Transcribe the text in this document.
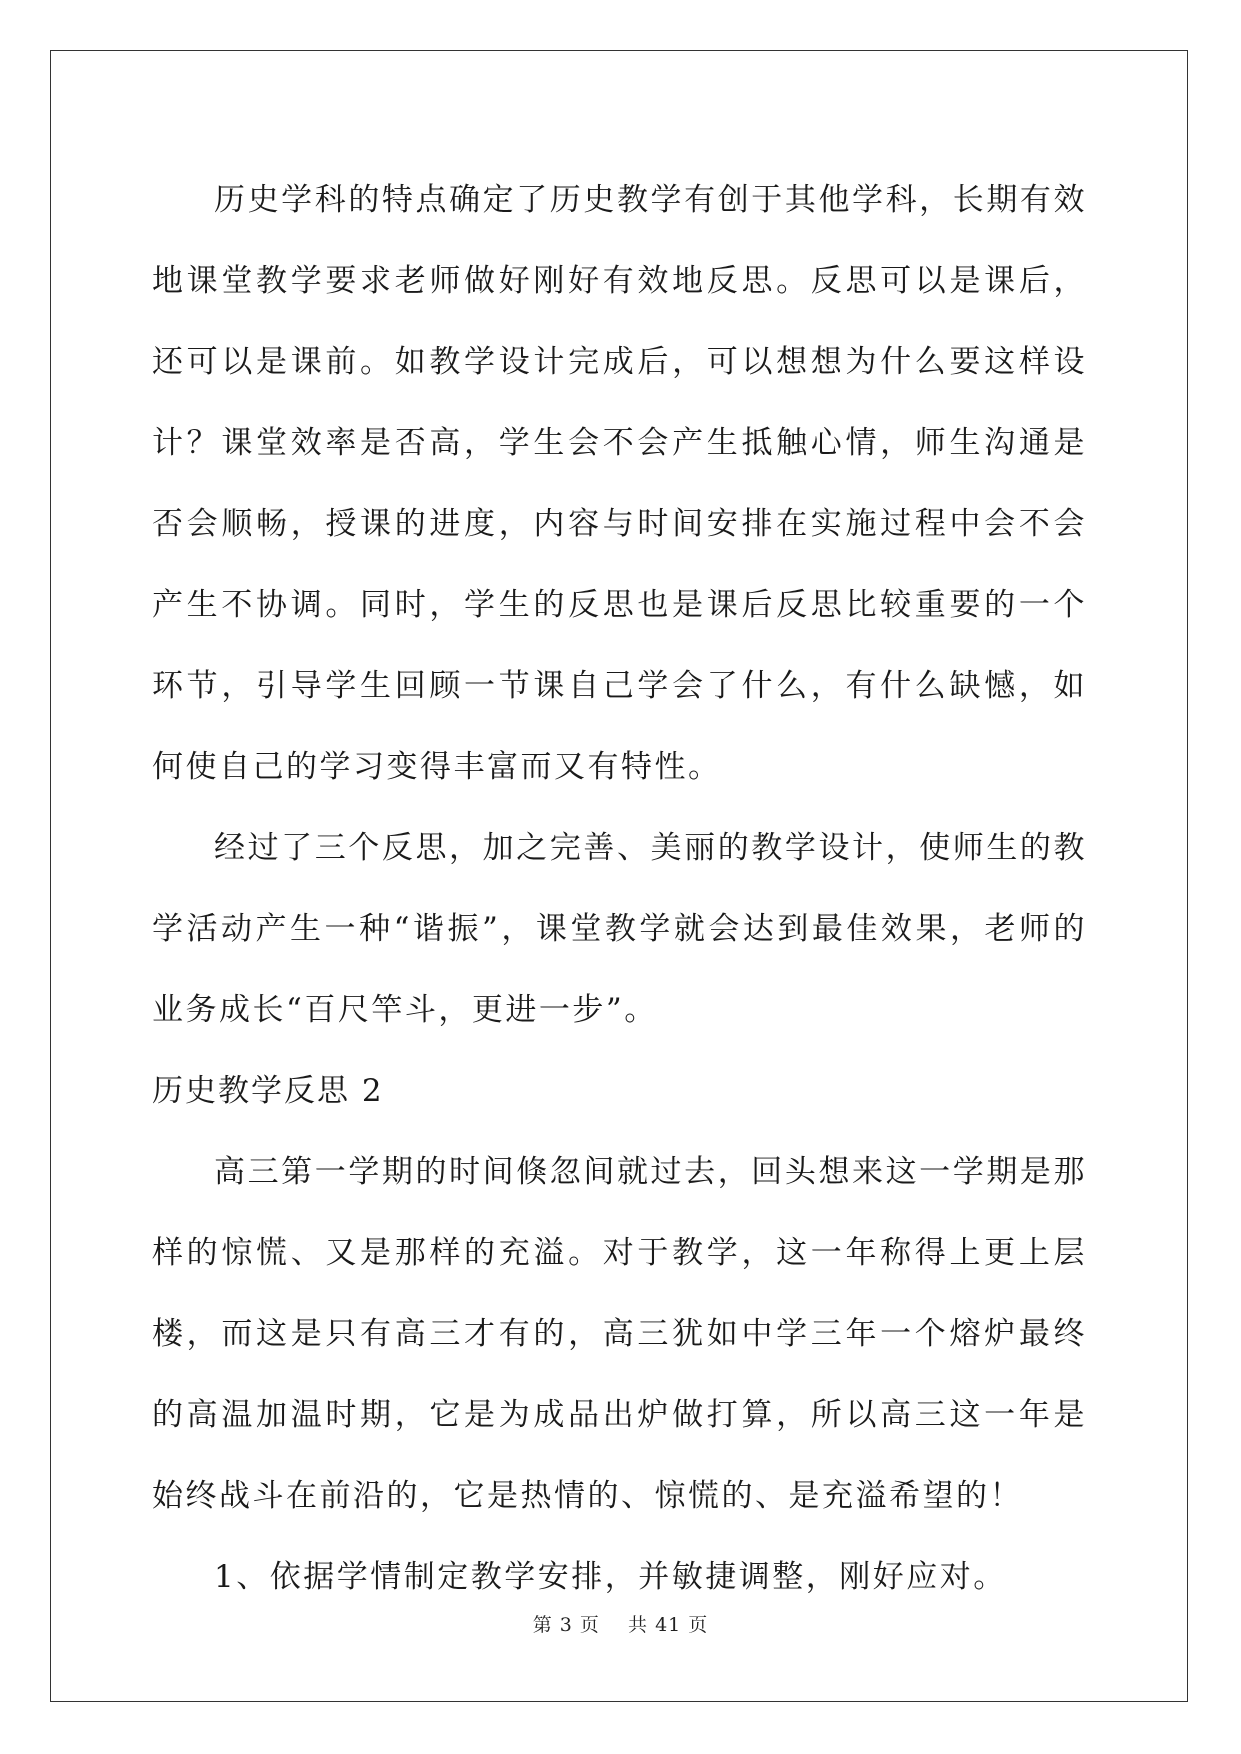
历史学科的特点确定了历史教学有创于其他学科，长期有效地课堂教学要求老师做好刚好有效地反思。反思可以是课后，还可以是课前。如教学设计完成后，可以想想为什么要这样设计？课堂效率是否高，学生会不会产生抵触心情，师生沟通是否会顺畅，授课的进度，内容与时间安排在实施过程中会不会产生不协调。同时，学生的反思也是课后反思比较重要的一个环节，引导学生回顾一节课自己学会了什么，有什么缺憾，如何使自己的学习变得丰富而又有特性。

经过了三个反思，加之完善、美丽的教学设计，使师生的教学活动产生一种“谐振”，课堂教学就会达到最佳效果，老师的业务成长“百尺竿斗，更进一步”。

历史教学反思 2

高三第一学期的时间倏忽间就过去，回头想来这一学期是那样的惊慌、又是那样的充溢。对于教学，这一年称得上更上层楼，而这是只有高三才有的，高三犹如中学三年一个熔炉最终的高温加温时期，它是为成品出炉做打算，所以高三这一年是始终战斗在前沿的，它是热情的、惊慌的、是充溢希望的！

1、依据学情制定教学安排，并敏捷调整，刚好应对。

第 3 页 共 41 页
